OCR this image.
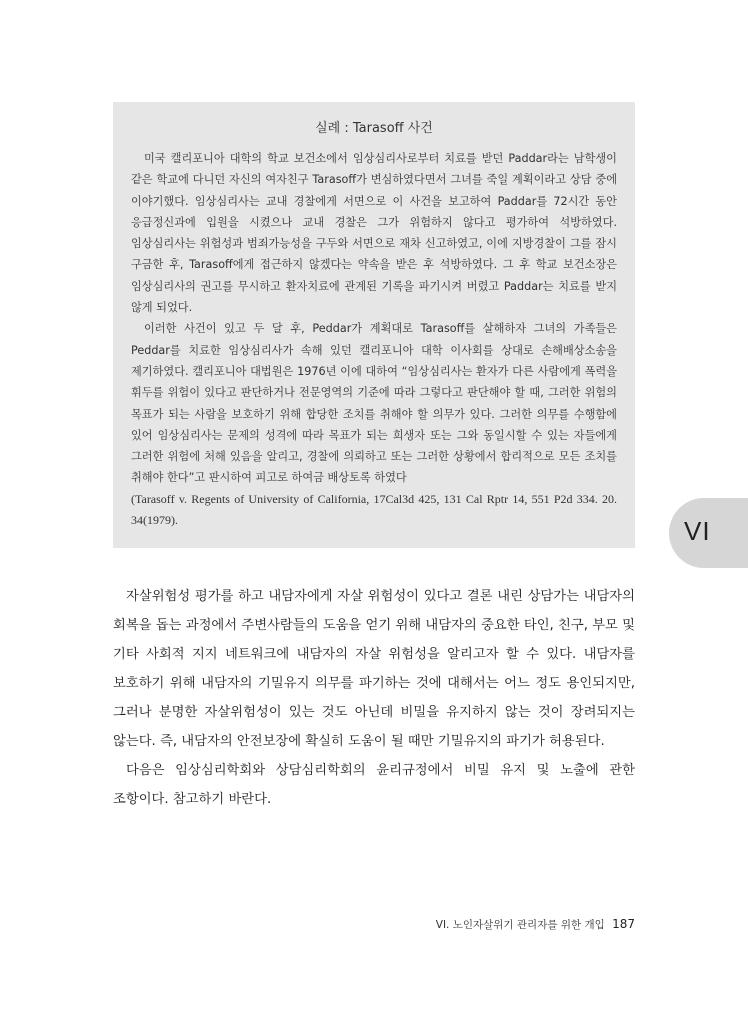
실례 : Tarasoff 사건

미국 캘리포니아 대학의 학교 보건소에서 임상심리사로부터 치료를 받던 Paddar라는 남학생이 같은 학교에 다니던 자신의 여자친구 Tarasoff가 변심하였다면서 그녀를 죽일 계획이라고 상담 중에 이야기했다. 임상심리사는 교내 경찰에게 서면으로 이 사건을 보고하여 Paddar를 72시간 동안 응급정신과에 입원을 시켰으나 교내 경찰은 그가 위험하지 않다고 평가하여 석방하였다. 임상심리사는 위험성과 범죄가능성을 구두와 서면으로 재차 신고하였고, 이에 지방경찰이 그를 잠시 구금한 후, Tarasoff에게 접근하지 않겠다는 약속을 받은 후 석방하였다. 그 후 학교 보건소장은 임상심리사의 권고를 무시하고 환자치료에 관계된 기록을 파기시켜 버렸고 Paddar는 치료를 받지 않게 되었다.

이러한 사건이 있고 두 달 후, Peddar가 계획대로 Tarasoff를 살해하자 그녀의 가족들은 Peddar를 치료한 임상심리사가 속해 있던 캘리포니아 대학 이사회를 상대로 손해배상소송을 제기하였다. 캘리포니아 대법원은 1976년 이에 대하여 “임상심리사는 환자가 다른 사람에게 폭력을 휘두를 위험이 있다고 판단하거나 전문영역의 기준에 따라 그렇다고 판단해야 할 때, 그러한 위험의 목표가 되는 사람을 보호하기 위해 합당한 조치를 취해야 할 의무가 있다. 그러한 의무를 수행함에 있어 임상심리사는 문제의 성격에 따라 목표가 되는 희생자 또는 그와 동일시할 수 있는 자들에게 그러한 위험에 처해 있음을 알리고, 경찰에 의뢰하고 또는 그러한 상황에서 합리적으로 모든 조치를 취해야 한다”고 판시하여 피고로 하여금 배상토록 하였다

(Tarasoff v. Regents of University of California, 17Cal3d 425, 131 Cal Rptr 14, 551 P2d 334. 20. 34(1979).	VI

자살위험성 평가를 하고 내담자에게 자살 위험성이 있다고 결론 내린 상담가는 내담자의 회복을 돕는 과정에서 주변사람들의 도움을 얻기 위해 내담자의 중요한 타인, 친구, 부모 및 기타 사회적 지지 네트워크에 내담자의 자살 위험성을 알리고자 할 수 있다. 내담자를 보호하기 위해 내담자의 기밀유지 의무를 파기하는 것에 대해서는 어느 정도 용인되지만, 그러나 분명한 자살위험성이 있는 것도 아닌데 비밀을 유지하지 않는 것이 장려되지는 않는다. 즉, 내담자의 안전보장에 확실히 도움이 될 때만 기밀유지의 파기가 허용된다.

다음은 임상심리학회와 상담심리학회의 윤리규정에서 비밀 유지 및 노출에 관한 조항이다. 참고하기 바란다.

VI. 노인자살위기 관리자를 위한 개입 187
